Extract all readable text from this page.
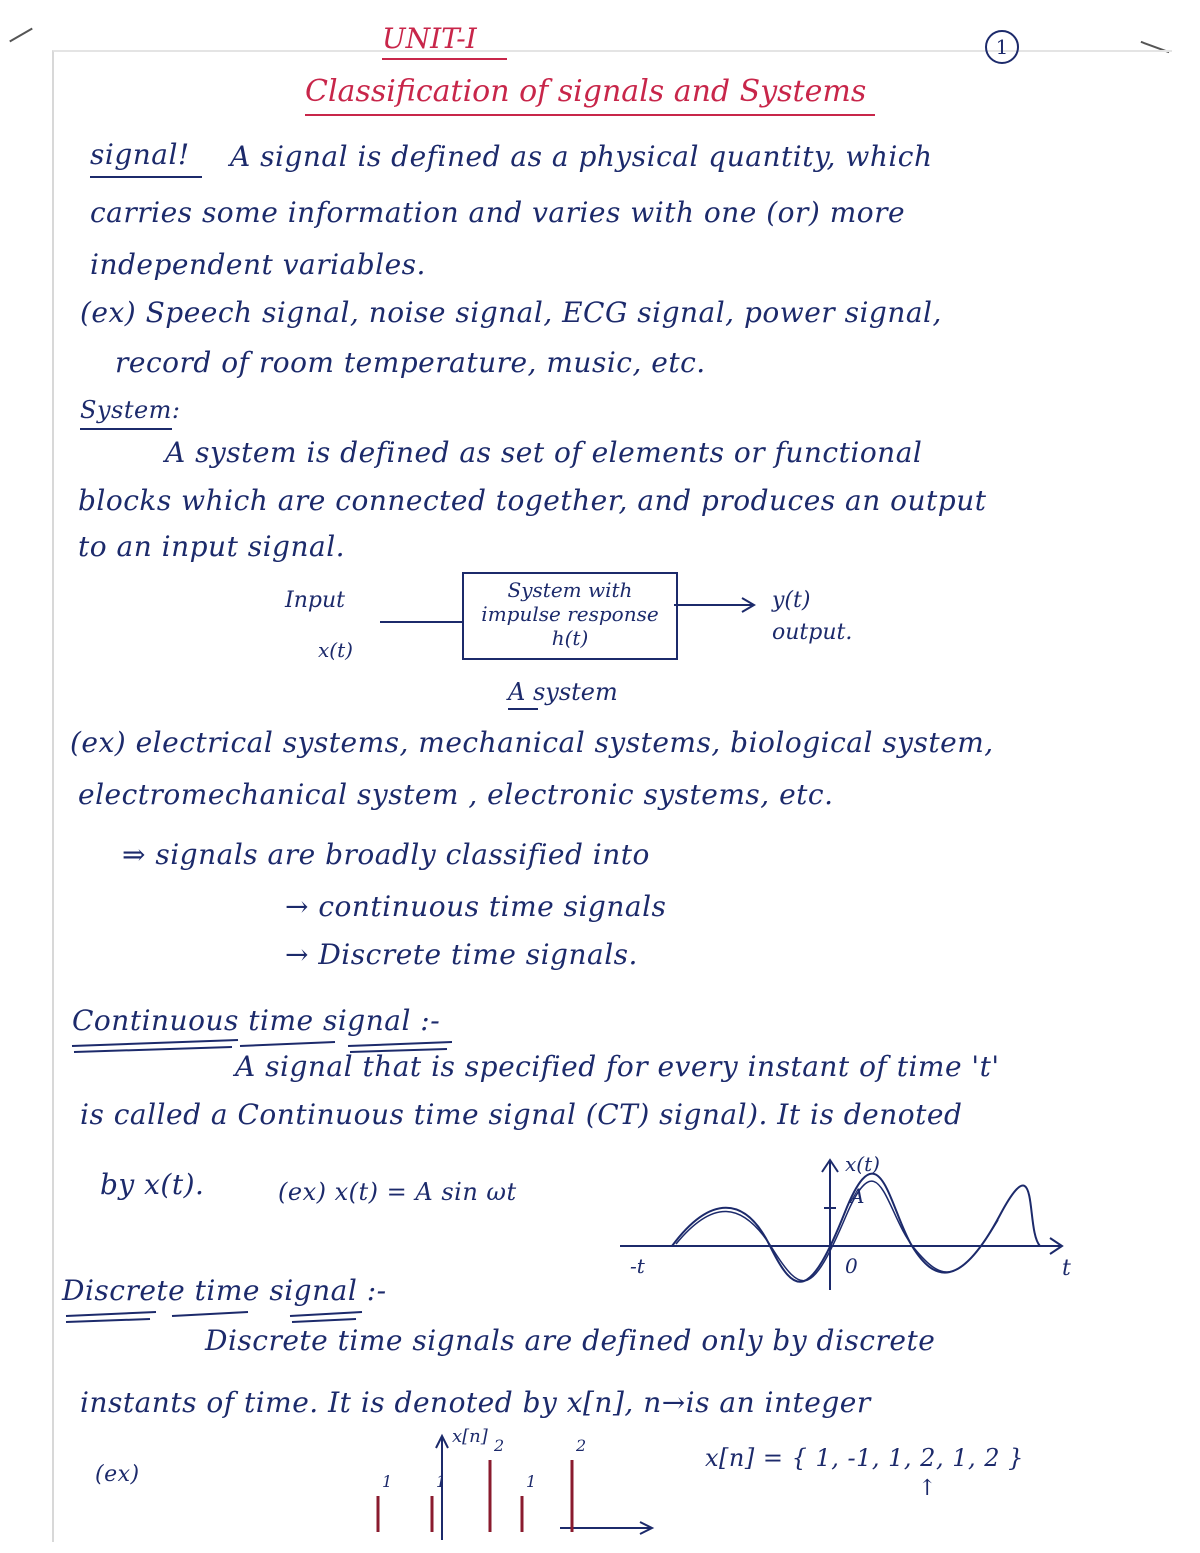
UNIT-I	1
Classification of signals and Systems
signal! A signal is defined as a physical quantity, which
carries some information and varies with one (or) more
independent variables.
(ex) Speech signal, noise signal, ECG signal, power signal,
record of room temperature, music, etc.
System:
A system is defined as set of elements or functional
blocks which are connected together, and produces an output
to an input signal.
Input
x(t)
System with
impulse response
h(t)
y(t)
output.
A system
(ex) electrical systems, mechanical systems, biological system,
electromechanical system , electronic systems, etc.
⇒ signals are broadly classified into
→ continuous time signals
→ Discrete time signals.
Continuous time signal :-
A signal that is specified for every instant of time 't'
is called a Continuous time signal (CT) signal). It is denoted
by x(t).	(ex) x(t) = A sin ωt
x(t)
A
-t	0	t
Discrete time signal :-
Discrete time signals are defined only by discrete
instants of time. It is denoted by x[n], n→is an integer
(ex)
x[n] = { 1, -1, 1, 2, 1, 2 }
↑
x[n]
1	1
2
1
2
